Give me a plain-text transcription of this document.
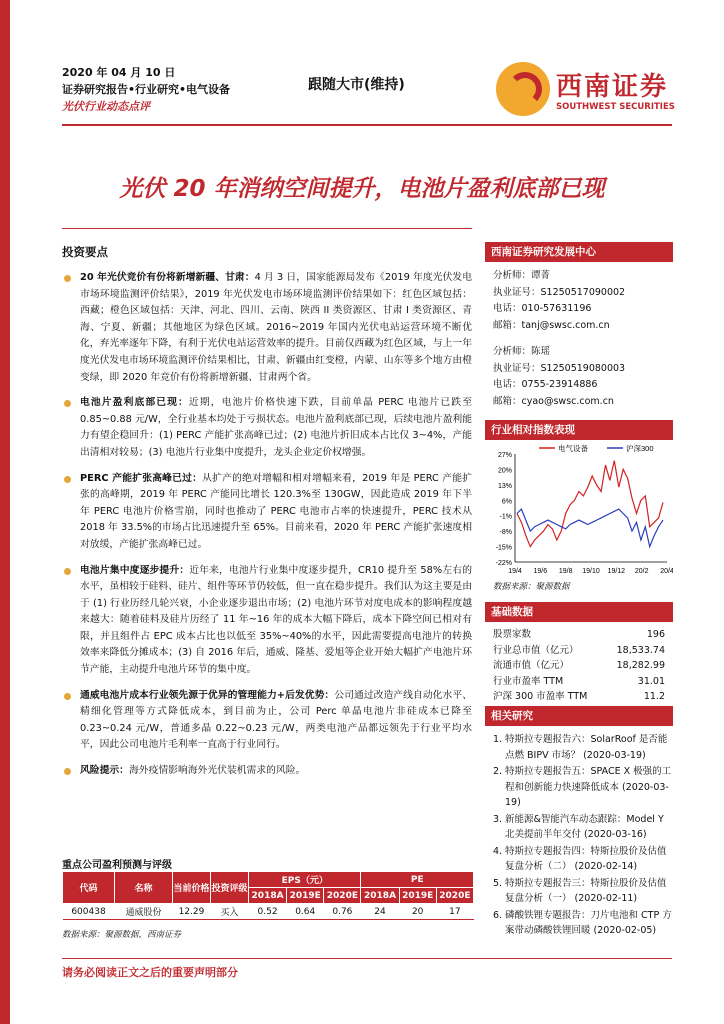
2020 年 04 月 10 日
证券研究报告•行业研究•电气设备
光伏行业动态点评
跟随大市(维持)	西南证券
SOUTHWEST SECURITIES
光伏 20 年消纳空间提升，电池片盈利底部已现
投资要点
20 年光伏竞价有份将新增新疆、甘肃：4 月 3 日，国家能源局发布《2019 年度光伏发电市场环境监测评价结果》，2019 年光伏发电市场环境监测评价结果如下：红色区域包括：西藏；橙色区域包括：天津、河北、四川、云南、陕西 II 类资源区、甘肃 I 类资源区、青海、宁夏、新疆；其他地区为绿色区域。2016~2019 年国内光伏电站运营环境不断优化，弃光率逐年下降，有利于光伏电站运营效率的提升。目前仅西藏为红色区域，与上一年度光伏发电市场环境监测评价结果相比，甘肃、新疆由红变橙，内蒙、山东等多个地方由橙变绿，即 2020 年竞价有份将新增新疆、甘肃两个省。
电池片盈利底部已现：近期，电池片价格快速下跌，目前单晶 PERC 电池片已跌至 0.85~0.88 元/W，全行业基本均处于亏损状态。电池片盈利底部已现，后续电池片盈利能力有望企稳回升：(1) PERC 产能扩张高峰已过；(2) 电池片折旧成本占比仅 3~4%，产能出清相对较易；(3) 电池片行业集中度提升，龙头企业定价权增强。
PERC 产能扩张高峰已过：从扩产的绝对增幅和相对增幅来看，2019 年是 PERC 产能扩张的高峰期，2019 年 PERC 产能同比增长 120.3%至 130GW，因此造成 2019 年下半年 PERC 电池片价格雪崩，同时也推动了 PERC 电池市占率的快速提升，PERC 技术从 2018 年 33.5%的市场占比迅速提升至 65%。目前来看，2020 年 PERC 产能扩张速度相对放缓，产能扩张高峰已过。
电池片集中度逐步提升：近年来，电池片行业集中度逐步提升，CR10 提升至 58%左右的水平，虽相较于硅料、硅片、组件等环节仍较低，但一直在稳步提升。我们认为这主要是由于 (1) 行业历经几轮兴衰，小企业逐步退出市场；(2) 电池片环节对度电成本的影响程度越来越大：随着硅料及硅片历经了 11 年~16 年的成本大幅下降后，成本下降空间已相对有限，并且组件占 EPC 成本占比也以低至 35%~40%的水平，因此需要提高电池片的转换效率来降低分摊成本；(3) 自 2016 年后，通威、隆基、爱旭等企业开始大幅扩产电池片环节产能，主动提升电池片环节的集中度。
通威电池片成本行业领先源于优异的管理能力+后发优势：公司通过改造产线自动化水平、精细化管理等方式降低成本，到目前为止，公司 Perc 单晶电池片非硅成本已降至 0.23~0.24 元/W，普通多晶 0.22~0.23 元/W，两类电池产品都远领先于行业平均水平，因此公司电池片毛利率一直高于行业同行。
风险提示：海外疫情影响海外光伏装机需求的风险。
重点公司盈利预测与评级
代码	名称	当前价格	投资评级	EPS（元）			PE		
				2018A	2019E	2020E	2018A	2019E	2020E
600438	通威股份	12.29	买入	0.52	0.64	0.76	24	20	17
数据来源：聚源数据，西南证券
请务必阅读正文之后的重要声明部分
西南证券研究发展中心
分析师：谭菁
执业证号：S1250517090002
电话：010-57631196
邮箱：tanj@swsc.com.cn
分析师：陈瑶
执业证号：S1250519080003
电话：0755-23914886
邮箱：cyao@swsc.com.cn
行业相对指数表现
27%
20%
13%
6%
-1%
-8%
-15%
-22%
19/4 19/6 19/8 19/10 19/12 20/2 20/4
电气设备	沪深300
数据来源：聚源数据
基础数据
股票家数	196
行业总市值（亿元）	18,533.74
流通市值（亿元）	18,282.99
行业市盈率 TTM	31.01
沪深 300 市盈率 TTM	11.2
相关研究
1. 特斯拉专题报告六：SolarRoof 是否能点燃 BIPV 市场？ (2020-03-19)
2. 特斯拉专题报告五：SPACE X 极强的工程和创新能力快速降低成本 (2020-03-19)
3. 新能源&智能汽车动态跟踪：Model Y 北美提前半年交付 (2020-03-16)
4. 特斯拉专题报告四：特斯拉股价及估值复盘分析（二） (2020-02-14)
5. 特斯拉专题报告三：特斯拉股价及估值复盘分析（一） (2020-02-11)
6. 磷酸铁锂专题报告：刀片电池和 CTP 方案带动磷酸铁锂回暖 (2020-02-05)
